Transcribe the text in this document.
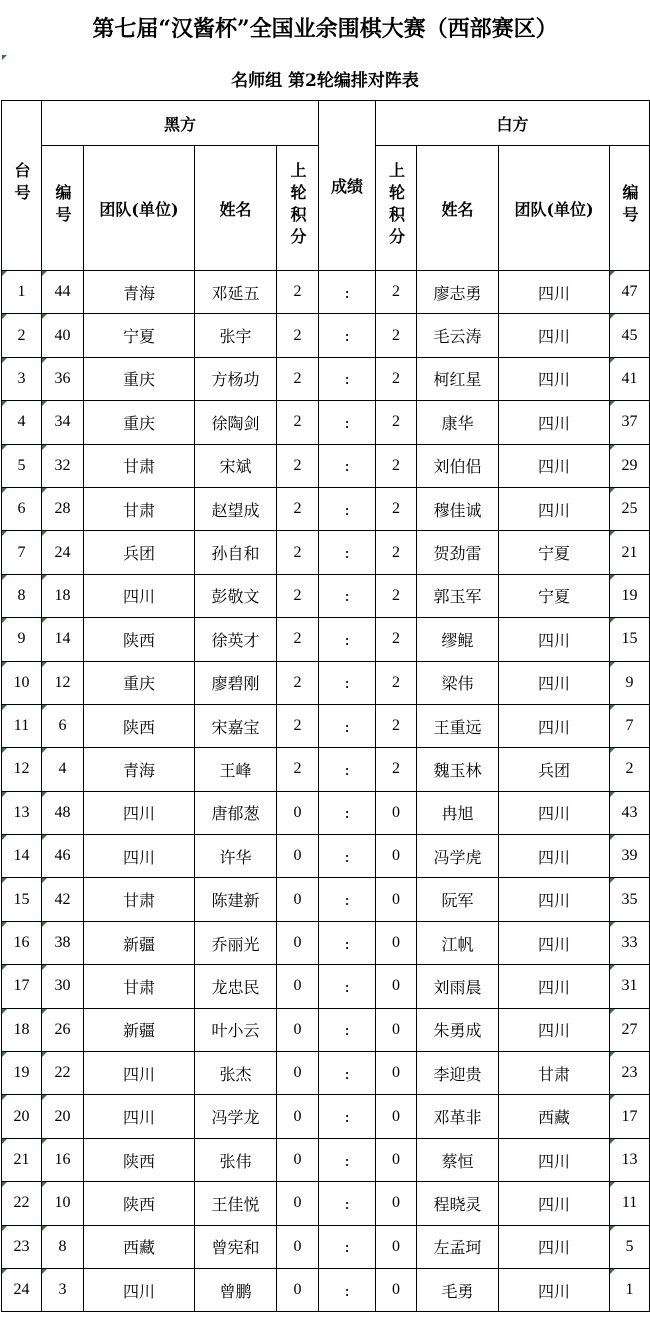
第七届“汉酱杯”全国业余围棋大赛（西部赛区）
名师组 第2轮编排对阵表
台号	黑方				成绩	白方			
	编号	团队(单位)	姓名	上轮积分		上轮积分	姓名	团队(单位)	编号

1	44	青海	邓延五	2	:	2	廖志勇	四川	47

2	40	宁夏	张宇	2	:	2	毛云涛	四川	45

3	36	重庆	方杨功	2	:	2	柯红星	四川	41

4	34	重庆	徐陶剑	2	:	2	康华	四川	37

5	32	甘肃	宋斌	2	:	2	刘伯侣	四川	29

6	28	甘肃	赵望成	2	:	2	穆佳诚	四川	25

7	24	兵团	孙自和	2	:	2	贺劲雷	宁夏	21

8	18	四川	彭敬文	2	:	2	郭玉军	宁夏	19

9	14	陕西	徐英才	2	:	2	缪鲲	四川	15

10	12	重庆	廖碧刚	2	:	2	梁伟	四川	9

11	6	陕西	宋嘉宝	2	:	2	王重远	四川	7

12	4	青海	王峰	2	:	2	魏玉林	兵团	2

13	48	四川	唐郁葱	0	:	0	冉旭	四川	43

14	46	四川	许华	0	:	0	冯学虎	四川	39

15	42	甘肃	陈建新	0	:	0	阮军	四川	35

16	38	新疆	乔丽光	0	:	0	江帆	四川	33

17	30	甘肃	龙忠民	0	:	0	刘雨晨	四川	31

18	26	新疆	叶小云	0	:	0	朱勇成	四川	27

19	22	四川	张杰	0	:	0	李迎贵	甘肃	23

20	20	四川	冯学龙	0	:	0	邓革非	西藏	17

21	16	陕西	张伟	0	:	0	蔡恒	四川	13

22	10	陕西	王佳悦	0	:	0	程晓灵	四川	11

23	8	西藏	曾宪和	0	:	0	左孟珂	四川	5

24	3	四川	曾鹏	0	:	0	毛勇	四川	1
